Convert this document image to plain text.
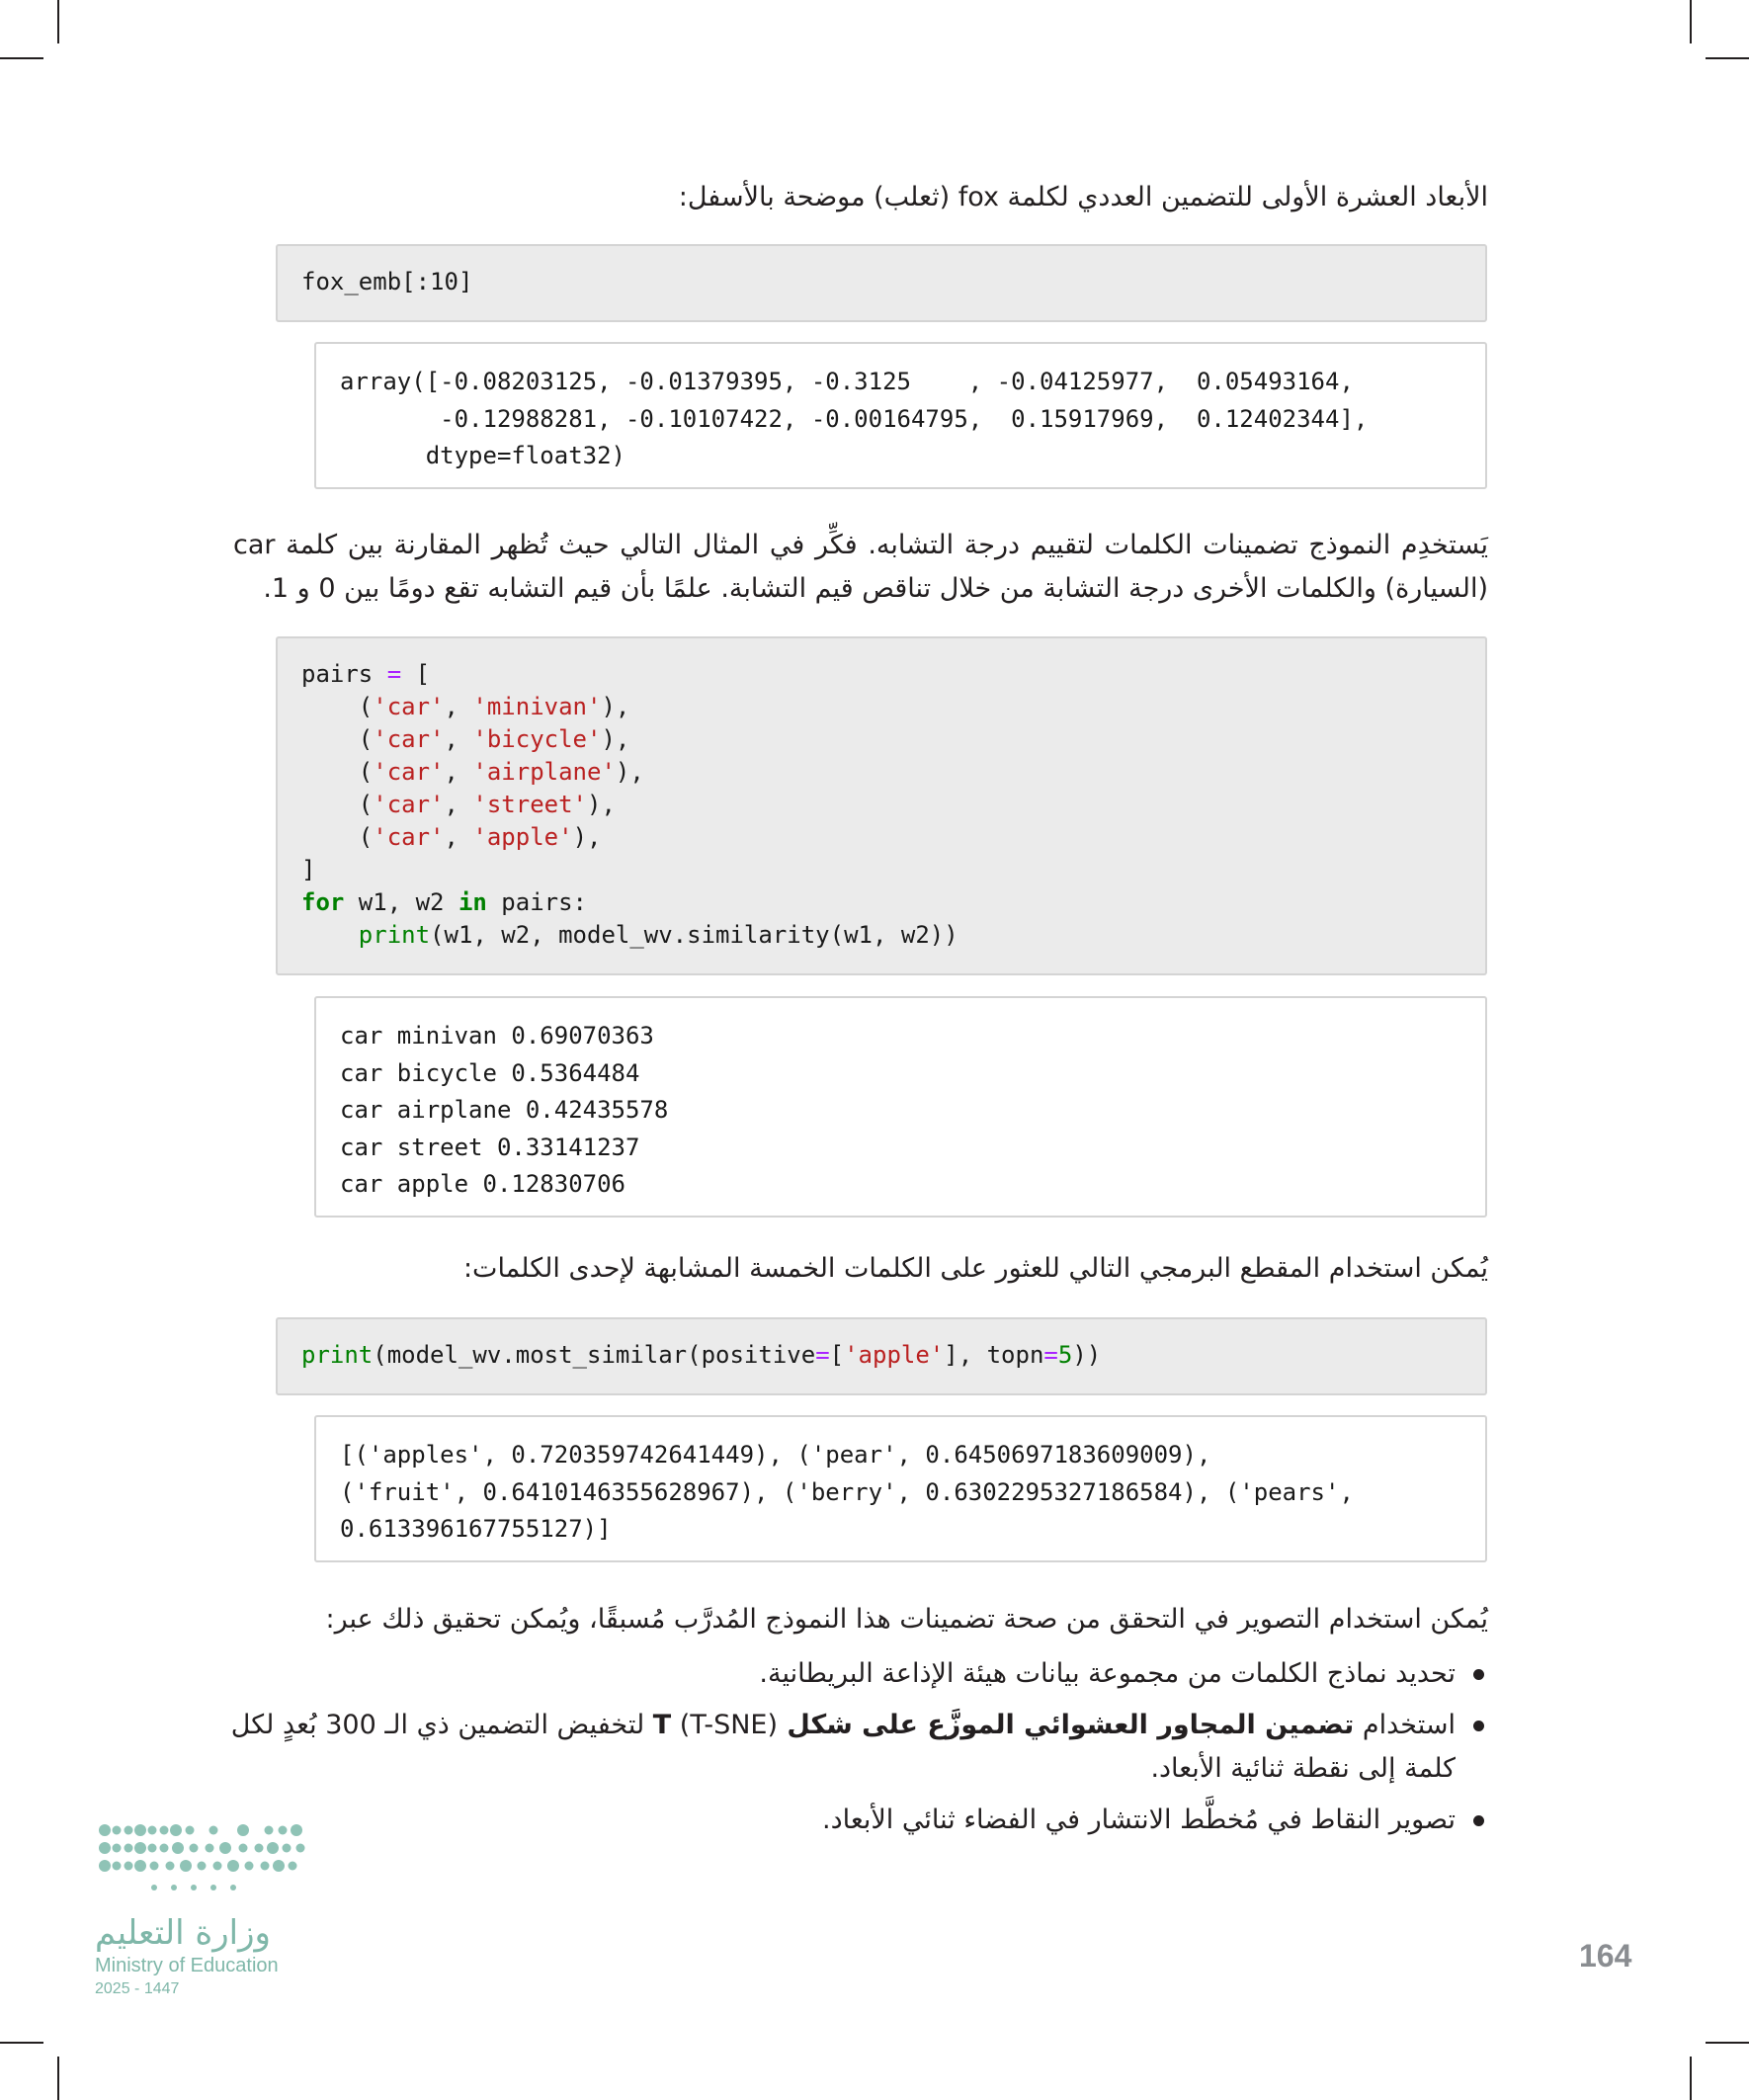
الأبعاد العشرة الأولى للتضمين العددي لكلمة fox (ثعلب) موضحة بالأسفل:
fox_emb[:10]
array([-0.08203125, -0.01379395, -0.3125    , -0.04125977,  0.05493164,
-0.12988281, -0.10107422, -0.00164795,  0.15917969,  0.12402344],
dtype=float32)
يَستخدِم النموذج تضمينات الكلمات لتقييم درجة التشابه. فكِّر في المثال التالي حيث تُظهر المقارنة بين كلمة car (السيارة) والكلمات الأخرى درجة التشابة من خلال تناقص قيم التشابة. علمًا بأن قيم التشابه تقع دومًا بين 0 و 1.
pairs = [
('car', 'minivan'),
('car', 'bicycle'),
('car', 'airplane'),
('car', 'street'),
('car', 'apple'),
]
for w1, w2 in pairs:
print(w1, w2, model_wv.similarity(w1, w2))
car minivan 0.69070363
car bicycle 0.5364484
car airplane 0.42435578
car street 0.33141237
car apple 0.12830706
يُمكن استخدام المقطع البرمجي التالي للعثور على الكلمات الخمسة المشابهة لإحدى الكلمات:
print(model_wv.most_similar(positive=['apple'], topn=5))
[('apples', 0.720359742641449), ('pear', 0.6450697183609009),
('fruit', 0.6410146355628967), ('berry', 0.6302295327186584), ('pears',
0.613396167755127)]
يُمكن استخدام التصوير في التحقق من صحة تضمينات هذا النموذج المُدرَّب مُسبقًا، ويُمكن تحقيق ذلك عبر:
تحديد نماذج الكلمات من مجموعة بيانات هيئة الإذاعة البريطانية.
استخدام تضمين المجاور العشوائي الموزَّع على شكل T (T-SNE) لتخفيض التضمين ذي الـ 300 بُعدٍ لكل كلمة إلى نقطة ثنائية الأبعاد.
تصوير النقاط في مُخطَّط الانتشار في الفضاء ثنائي الأبعاد.
وزارة التعليم
Ministry of Education
2025 - 1447
164
